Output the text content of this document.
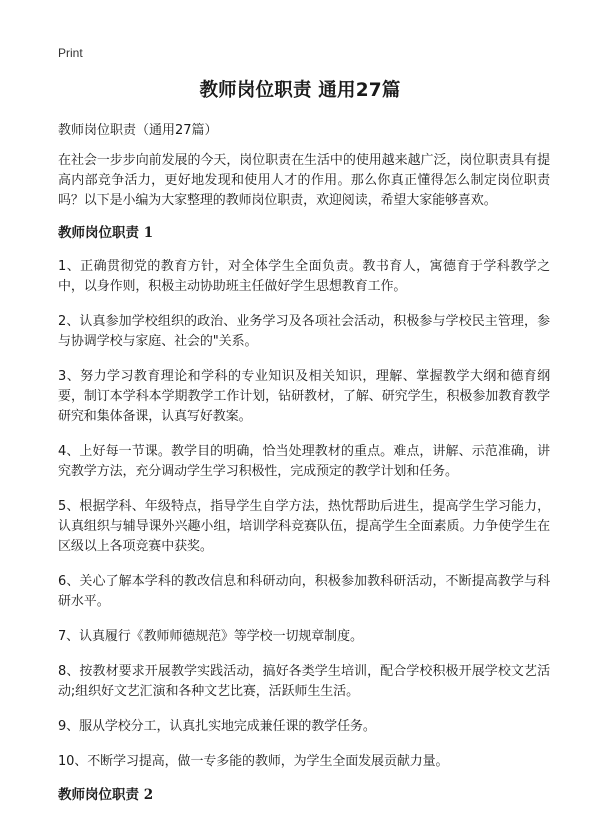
Print
教师岗位职责 通用27篇

教师岗位职责（通用27篇）

在社会一步步向前发展的今天，岗位职责在生活中的使用越来越广泛，岗位职责具有提高内部竞争活力，更好地发现和使用人才的作用。那么你真正懂得怎么制定岗位职责吗？以下是小编为大家整理的教师岗位职责，欢迎阅读，希望大家能够喜欢。

教师岗位职责 1

1、正确贯彻党的教育方针，对全体学生全面负责。教书育人，寓德育于学科教学之中，以身作则，积极主动协助班主任做好学生思想教育工作。

2、认真参加学校组织的政治、业务学习及各项社会活动，积极参与学校民主管理，参与协调学校与家庭、社会的"关系。

3、努力学习教育理论和学科的专业知识及相关知识，理解、掌握教学大纲和德育纲要，制订本学科本学期教学工作计划，钻研教材，了解、研究学生，积极参加教育教学研究和集体备课，认真写好教案。

4、上好每一节课。教学目的明确，恰当处理教材的重点。难点，讲解、示范准确，讲究教学方法，充分调动学生学习积极性，完成预定的教学计划和任务。

5、根据学科、年级特点，指导学生自学方法，热忱帮助后进生，提高学生学习能力，认真组织与辅导课外兴趣小组，培训学科竞赛队伍，提高学生全面素质。力争使学生在区级以上各项竞赛中获奖。

6、关心了解本学科的教改信息和科研动向，积极参加教科研活动，不断提高教学与科研水平。

7、认真履行《教师师德规范》等学校一切规章制度。

8、按教材要求开展教学实践活动，搞好各类学生培训，配合学校积极开展学校文艺活动;组织好文艺汇演和各种文艺比赛，活跃师生生活。

9、服从学校分工，认真扎实地完成兼任课的教学任务。

10、不断学习提高，做一专多能的教师，为学生全面发展贡献力量。

教师岗位职责 2
